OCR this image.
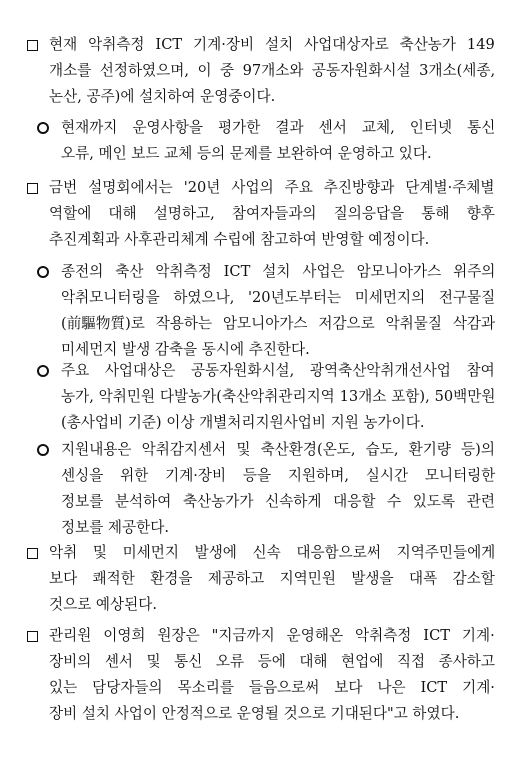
현재 악취측정 ICT 기계·장비 설치 사업대상자로 축산농가 149
개소를 선정하였으며, 이 중 97개소와 공동자원화시설 3개소(세종,
논산, 공주)에 설치하여 운영중이다.
현재까지 운영사항을 평가한 결과 센서 교체, 인터넷 통신
오류, 메인 보드 교체 등의 문제를 보완하여 운영하고 있다.
금번 설명회에서는 '20년 사업의 주요 추진방향과 단계별·주체별
역할에 대해 설명하고, 참여자들과의 질의응답을 통해 향후
추진계획과 사후관리체계 수립에 참고하여 반영할 예정이다.
종전의 축산 악취측정 ICT 설치 사업은 암모니아가스 위주의
악취모니터링을 하였으나, '20년도부터는 미세먼지의 전구물질
(前驅物質)로 작용하는 암모니아가스 저감으로 악취물질 삭감과
미세먼지 발생 감축을 동시에 추진한다.
주요 사업대상은 공동자원화시설, 광역축산악취개선사업 참여
농가, 악취민원 다발농가(축산악취관리지역 13개소 포함), 50백만원
(총사업비 기준) 이상 개별처리지원사업비 지원 농가이다.
지원내용은 악취감지센서 및 축산환경(온도, 습도, 환기량 등)의
센싱을 위한 기계·장비 등을 지원하며, 실시간 모니터링한
정보를 분석하여 축산농가가 신속하게 대응할 수 있도록 관련
정보를 제공한다.
악취 및 미세먼지 발생에 신속 대응함으로써 지역주민들에게
보다 쾌적한 환경을 제공하고 지역민원 발생을 대폭 감소할
것으로 예상된다.
관리원 이영희 원장은 "지금까지 운영해온 악취측정 ICT 기계·
장비의 센서 및 통신 오류 등에 대해 현업에 직접 종사하고
있는 담당자들의 목소리를 들음으로써 보다 나은 ICT 기계·
장비 설치 사업이 안정적으로 운영될 것으로 기대된다"고 하였다.
